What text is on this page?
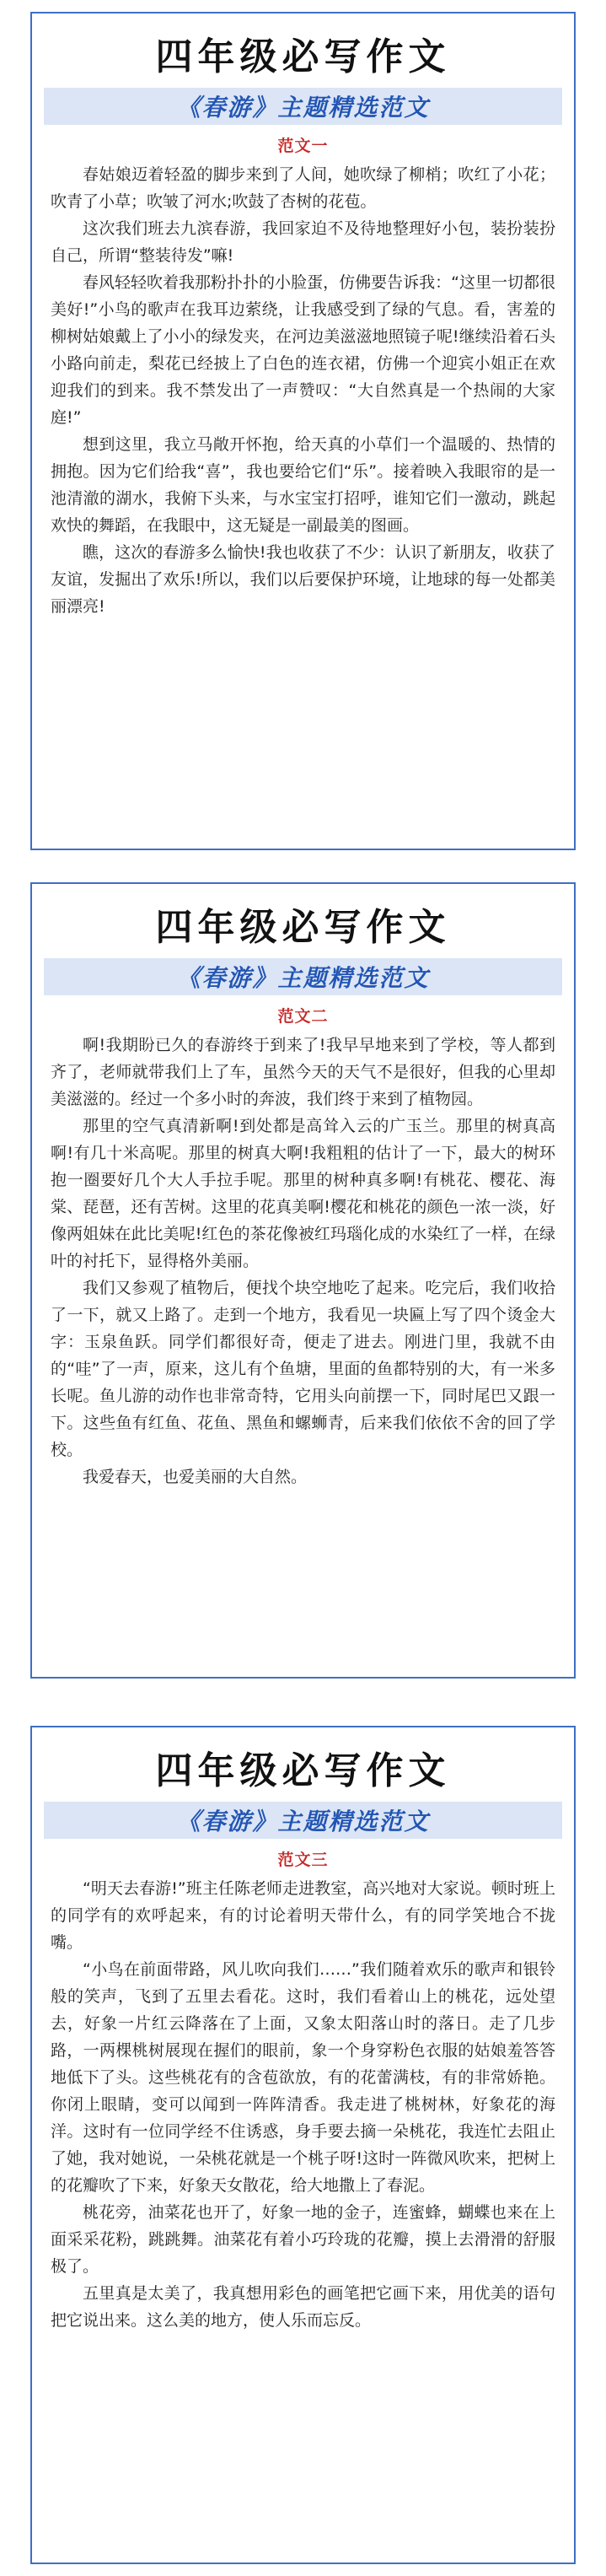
四年级必写作文
《春游》主题精选范文
范文一

春姑娘迈着轻盈的脚步来到了人间，她吹绿了柳梢；吹红了小花；吹青了小草；吹皱了河水;吹鼓了杏树的花苞。

这次我们班去九滨春游，我回家迫不及待地整理好小包，装扮装扮自己，所谓“整装待发”嘛!

春风轻轻吹着我那粉扑扑的小脸蛋，仿佛要告诉我：“这里一切都很美好!”小鸟的歌声在我耳边萦绕，让我感受到了绿的气息。看，害羞的柳树姑娘戴上了小小的绿发夹，在河边美滋滋地照镜子呢!继续沿着石头小路向前走，梨花已经披上了白色的连衣裙，仿佛一个迎宾小姐正在欢迎我们的到来。我不禁发出了一声赞叹：“大自然真是一个热闹的大家庭!”

想到这里，我立马敞开怀抱，给天真的小草们一个温暖的、热情的拥抱。因为它们给我“喜”，我也要给它们“乐”。接着映入我眼帘的是一池清澈的湖水，我俯下头来，与水宝宝打招呼，谁知它们一激动，跳起欢快的舞蹈，在我眼中，这无疑是一副最美的图画。

瞧，这次的春游多么愉快!我也收获了不少：认识了新朋友，收获了友谊，发掘出了欢乐!所以，我们以后要保护环境，让地球的每一处都美丽漂亮!

四年级必写作文
《春游》主题精选范文
范文二

啊!我期盼已久的春游终于到来了!我早早地来到了学校，等人都到齐了，老师就带我们上了车，虽然今天的天气不是很好，但我的心里却美滋滋的。经过一个多小时的奔波，我们终于来到了植物园。

那里的空气真清新啊!到处都是高耸入云的广玉兰。那里的树真高啊!有几十米高呢。那里的树真大啊!我粗粗的估计了一下，最大的树环抱一圈要好几个大人手拉手呢。那里的树种真多啊!有桃花、樱花、海棠、琵琶，还有苦树。这里的花真美啊!樱花和桃花的颜色一浓一淡，好像两姐妹在此比美呢!红色的茶花像被红玛瑙化成的水染红了一样，在绿叶的衬托下，显得格外美丽。

我们又参观了植物后，便找个块空地吃了起来。吃完后，我们收拾了一下，就又上路了。走到一个地方，我看见一块匾上写了四个烫金大字：玉泉鱼跃。同学们都很好奇，便走了进去。刚进门里，我就不由的“哇”了一声，原来，这儿有个鱼塘，里面的鱼都特别的大，有一米多长呢。鱼儿游的动作也非常奇特，它用头向前摆一下，同时尾巴又跟一下。这些鱼有红鱼、花鱼、黑鱼和螺蛳青，后来我们依依不舍的回了学校。

我爱春天，也爱美丽的大自然。

四年级必写作文
《春游》主题精选范文
范文三

“明天去春游!”班主任陈老师走进教室，高兴地对大家说。顿时班上的同学有的欢呼起来，有的讨论着明天带什么，有的同学笑地合不拢嘴。

“小鸟在前面带路，风儿吹向我们……”我们随着欢乐的歌声和银铃般的笑声，飞到了五里去看花。这时，我们看着山上的桃花，远处望去，好象一片红云降落在了上面，又象太阳落山时的落日。走了几步路，一两棵桃树展现在握们的眼前，象一个身穿粉色衣服的姑娘羞答答地低下了头。这些桃花有的含苞欲放，有的花蕾满枝，有的非常娇艳。你闭上眼睛，变可以闻到一阵阵清香。我走进了桃树林，好象花的海洋。这时有一位同学经不住诱惑，身手要去摘一朵桃花，我连忙去阻止了她，我对她说，一朵桃花就是一个桃子呀!这时一阵微风吹来，把树上的花瓣吹了下来，好象天女散花，给大地撒上了春泥。

桃花旁，油菜花也开了，好象一地的金子，连蜜蜂，蝴蝶也来在上面采采花粉，跳跳舞。油菜花有着小巧玲珑的花瓣，摸上去滑滑的舒服极了。

五里真是太美了，我真想用彩色的画笔把它画下来，用优美的语句把它说出来。这么美的地方，使人乐而忘反。
